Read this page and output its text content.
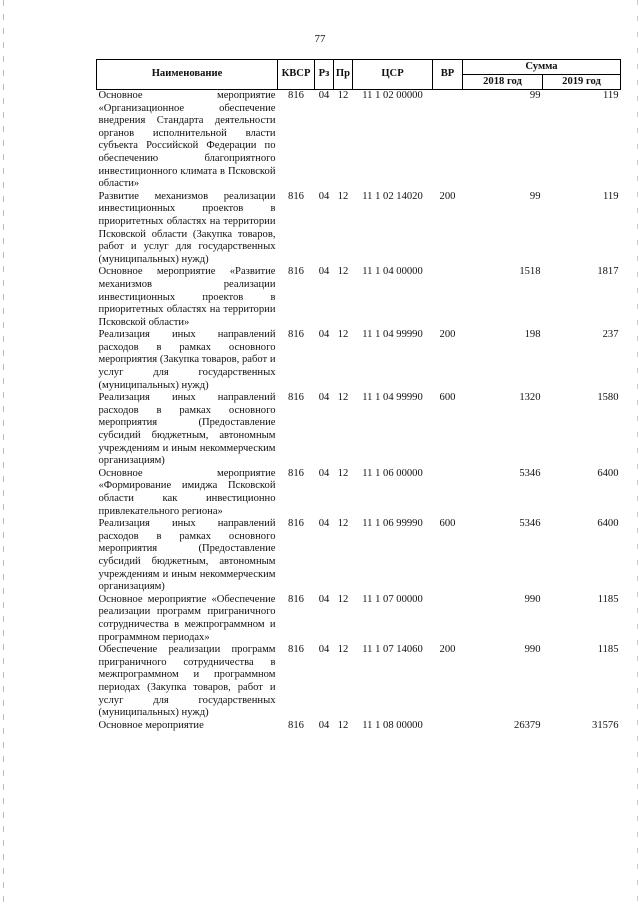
77
Наименование	КВСР	Рз	Пр	ЦСР	ВР	Сумма	
						2018 год	2019 год
Основное мероприятие «Организационное обеспечение внедрения Стандарта деятельности органов исполнительной власти субъекта Российской Федерации по обеспечению благоприятного инвестиционного климата в Псковской области»	816	04	12	11 1 02 00000		99	119
Развитие механизмов реализации инвестиционных проектов в приоритетных областях на территории Псковской области (Закупка товаров, работ и услуг для государственных (муниципальных) нужд)	816	04	12	11 1 02 14020	200	99	119
Основное мероприятие «Развитие механизмов реализации инвестиционных проектов в приоритетных областях на территории Псковской области»	816	04	12	11 1 04 00000		1518	1817
Реализация иных направлений расходов в рамках основного мероприятия (Закупка товаров, работ и услуг для государственных (муниципальных) нужд)	816	04	12	11 1 04 99990	200	198	237
Реализация иных направлений расходов в рамках основного мероприятия (Предоставление субсидий бюджетным, автономным учреждениям и иным некоммерческим организациям)	816	04	12	11 1 04 99990	600	1320	1580
Основное мероприятие «Формирование имиджа Псковской области как инвестиционно привлекательного региона»	816	04	12	11 1 06 00000		5346	6400
Реализация иных направлений расходов в рамках основного мероприятия (Предоставление субсидий бюджетным, автономным учреждениям и иным некоммерческим организациям)	816	04	12	11 1 06 99990	600	5346	6400
Основное мероприятие «Обеспечение реализации программ приграничного сотрудничества в межпрограммном и программном периодах»	816	04	12	11 1 07 00000		990	1185
Обеспечение реализации программ приграничного сотрудничества в межпрограммном и программном периодах (Закупка товаров, работ и услуг для государственных (муниципальных) нужд)	816	04	12	11 1 07 14060	200	990	1185
Основное мероприятие	816	04	12	11 1 08 00000		26379	31576
